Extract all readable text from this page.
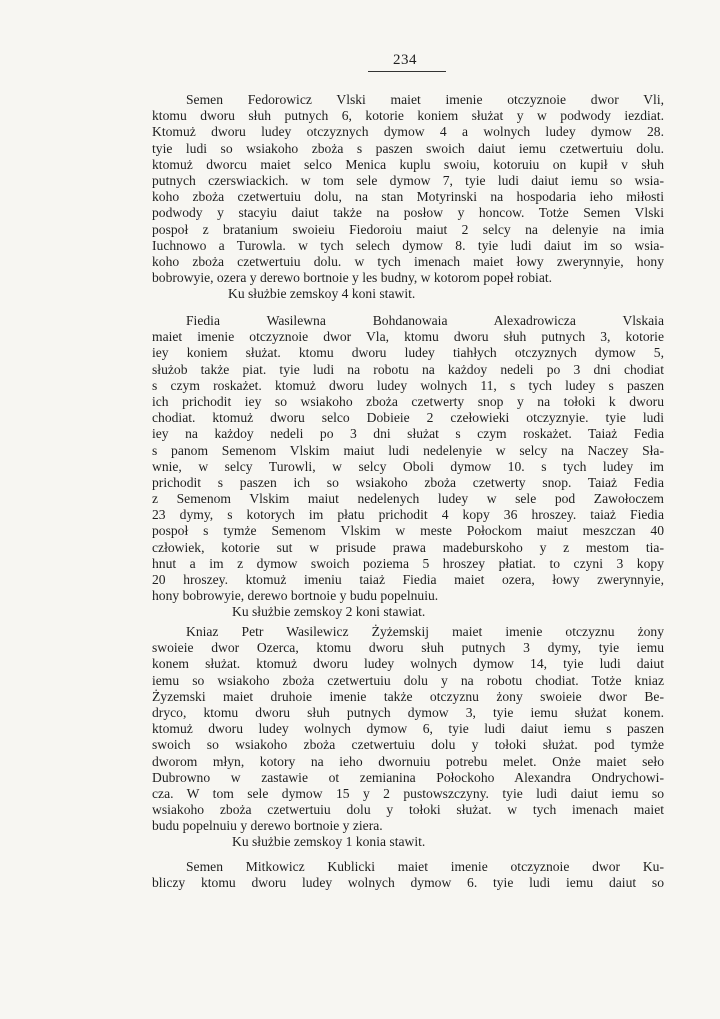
234
Semen Fedorowicz Vlski maiet imenie otczyznoie dwor Vli,
ktomu dworu słuh putnych 6, kotorie koniem służat y w podwody iezdiat.
Ktomuż dworu ludey otczyznych dymow 4 a wolnych ludey dymow 28.
tyie ludi so wsiakoho zboża s paszen swoich daiut iemu czetwertuiu dolu.
ktomuż dworcu maiet selco Menica kuplu swoiu, kotoruiu on kupił v słuh
putnych czerswiackich. w tom sele dymow 7, tyie ludi daiut iemu so wsia-
koho zboża czetwertuiu dolu, na stan Motyrinski na hospodaria ieho miłosti
podwody y stacyiu daiut także na posłow y honcow. Totże Semen Vlski
pospoł z bratanium swoieiu Fiedoroiu maiut 2 selcy na delenyie na imia
Iuchnowo a Turowla. w tych selech dymow 8. tyie ludi daiut im so wsia-
koho zboża czetwertuiu dolu. w tych imenach maiet łowy zwerynnyie, hony
bobrowyie, ozera y derewo bortnoie y les budny, w kotorom popeł robiat.
Ku służbie zemskoy 4 koni stawit.
Fiedia Wasilewna Bohdanowaia Alexadrowicza Vlskaia
maiet imenie otczyznoie dwor Vla, ktomu dworu słuh putnych 3, kotorie
iey koniem służat. ktomu dworu ludey tiahłych otczyznych dymow 5,
służob także piat. tyie ludi na robotu na każdoy nedeli po 3 dni chodiat
s czym roskażet. ktomuż dworu ludey wolnych 11, s tych ludey s paszen
ich prichodit iey so wsiakoho zboża czetwerty snop y na tołoki k dworu
chodiat. ktomuż dworu selco Dobieie 2 czełowieki otczyznyie. tyie ludi
iey na każdoy nedeli po 3 dni służat s czym roskażet. Taiaż Fedia
s panom Semenom Vlskim maiut ludi nedelenyie w selcy na Naczey Sła-
wnie, w selcy Turowli, w selcy Oboli dymow 10. s tych ludey im
prichodit s paszen ich so wsiakoho zboża czetwerty snop. Taiaż Fedia
z Semenom Vlskim maiut nedelenych ludey w sele pod Zawołoczem
23 dymy, s kotorych im płatu prichodit 4 kopy 36 hroszey. taiaż Fiedia
pospoł s tymże Semenom Vlskim w meste Połockom maiut meszczan 40
człowiek, kotorie sut w prisude prawa madeburskoho y z mestom tia-
hnut a im z dymow swoich poziema 5 hroszey płatiat. to czyni 3 kopy
20 hroszey. ktomuż imeniu taiaż Fiedia maiet ozera, łowy zwerynnyie,
hony bobrowyie, derewo bortnoie y budu popelnuiu.
Ku służbie zemskoy 2 koni stawiat.
Kniaz Petr Wasilewicz Żyżemskij maiet imenie otczyznu żony
swoieie dwor Ozerca, ktomu dworu słuh putnych 3 dymy, tyie iemu
konem służat. ktomuż dworu ludey wolnych dymow 14, tyie ludi daiut
iemu so wsiakoho zboża czetwertuiu dolu y na robotu chodiat. Totże kniaz
Żyzemski maiet druhoie imenie także otczyznu żony swoieie dwor Be-
dryco, ktomu dworu słuh putnych dymow 3, tyie iemu służat konem.
ktomuż dworu ludey wolnych dymow 6, tyie ludi daiut iemu s paszen
swoich so wsiakoho zboża czetwertuiu dolu y tołoki służat. pod tymże
dworom młyn, kotory na ieho dwornuiu potrebu melet. Onże maiet seło
Dubrowno w zastawie ot zemianina Połockoho Alexandra Ondrychowi-
cza. W tom sele dymow 15 y 2 pustowszczyny. tyie ludi daiut iemu so
wsiakoho zboża czetwertuiu dolu y tołoki służat. w tych imenach maiet
budu popelnuiu y derewo bortnoie y ziera.
Ku służbie zemskoy 1 konia stawit.
Semen Mitkowicz Kublicki maiet imenie otczyznoie dwor Ku-
bliczy ktomu dworu ludey wolnych dymow 6. tyie ludi iemu daiut so
